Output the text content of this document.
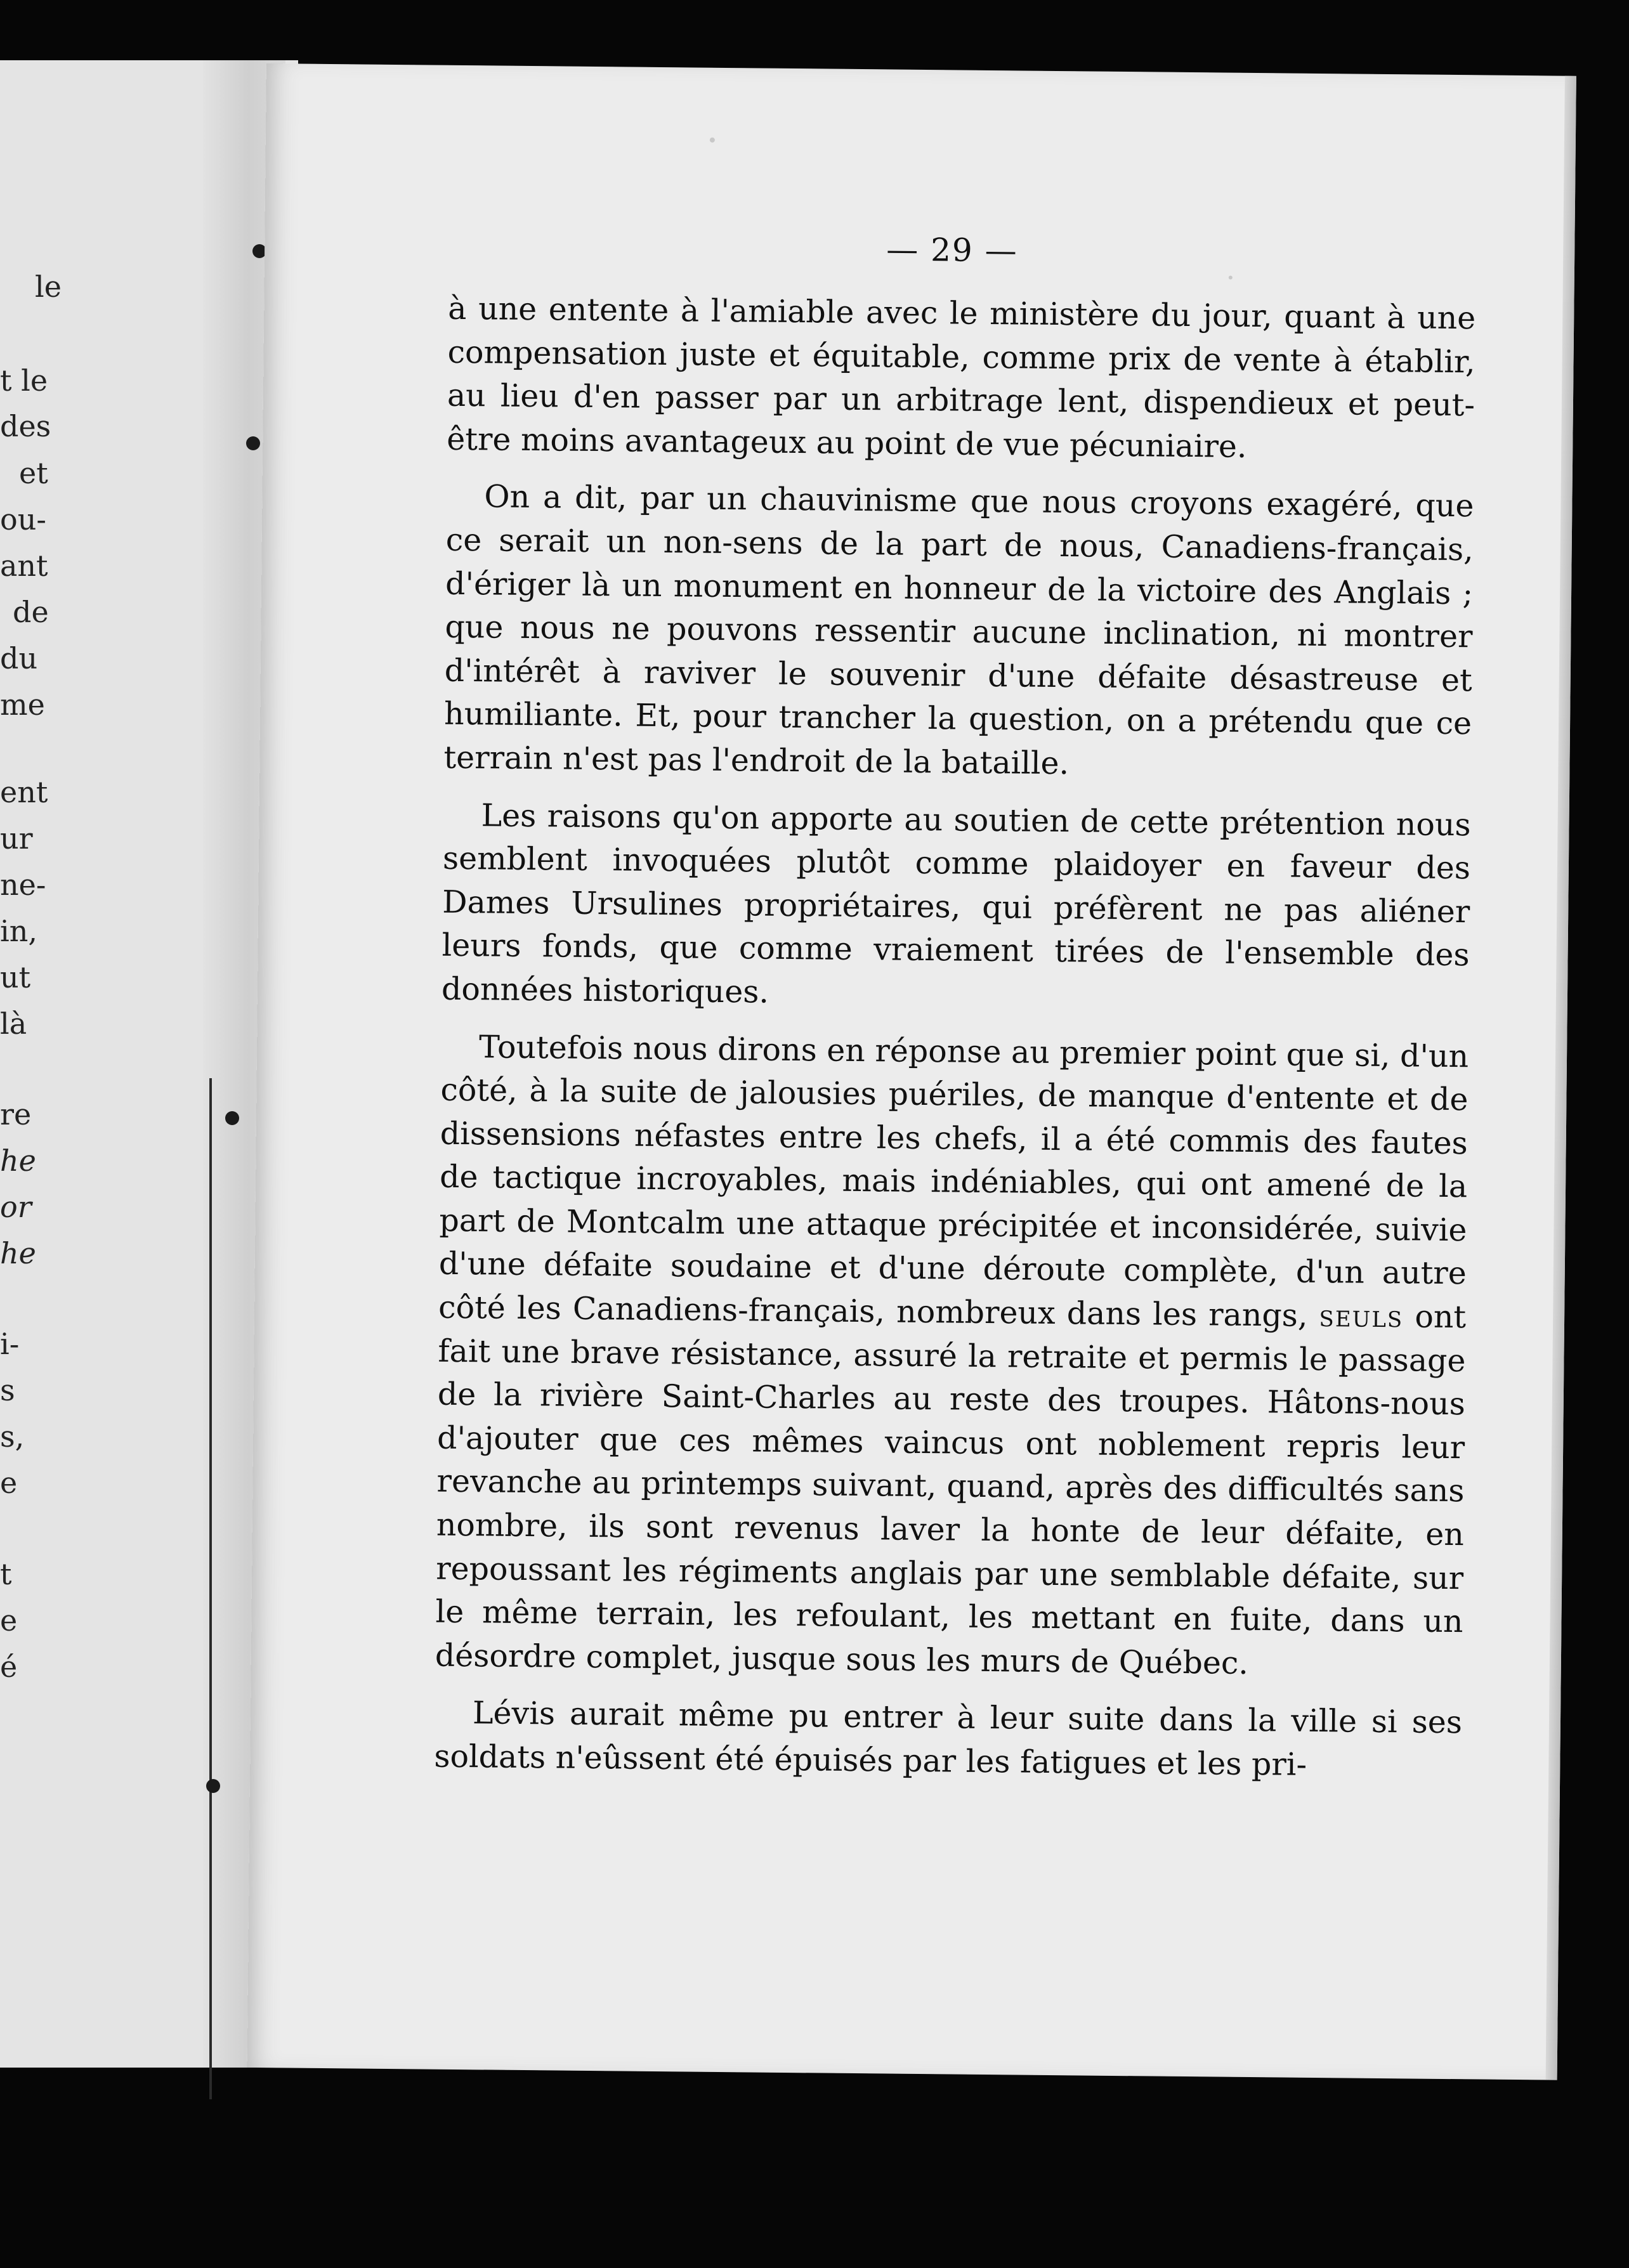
le
t le
des
et
ou-
ant
de
du
me
ent
ur
ne-
in,
ut
là
re
he
or
he
i-
s
s,
e
t
e
é
— 29 —

à une entente à l'amiable avec le ministère du jour, quant à une compensation juste et équitable, comme prix de vente à établir, au lieu d'en passer par un arbitrage lent, dispendieux et peut-être moins avantageux au point de vue pécuniaire.

On a dit, par un chauvinisme que nous croyons exagéré, que ce serait un non-sens de la part de nous, Canadiens-français, d'ériger là un monument en honneur de la victoire des Anglais ; que nous ne pouvons ressentir aucune inclination, ni montrer d'intérêt à raviver le souvenir d'une défaite désastreuse et humiliante. Et, pour trancher la question, on a prétendu que ce terrain n'est pas l'endroit de la bataille.

Les raisons qu'on apporte au soutien de cette prétention nous semblent invoquées plutôt comme plaidoyer en faveur des Dames Ursulines propriétaires, qui préfèrent ne pas aliéner leurs fonds, que comme vraiement tirées de l'ensemble des données historiques.

Toutefois nous dirons en réponse au premier point que si, d'un côté, à la suite de jalousies puériles, de manque d'entente et de dissensions néfastes entre les chefs, il a été commis des fautes de tactique incroyables, mais indéniables, qui ont amené de la part de Montcalm une attaque précipitée et inconsidérée, suivie d'une défaite soudaine et d'une déroute complète, d'un autre côté les Canadiens-français, nombreux dans les rangs, seuls ont fait une brave résistance, assuré la retraite et permis le passage de la rivière Saint-Charles au reste des troupes. Hâtons-nous d'ajouter que ces mêmes vaincus ont noblement repris leur revanche au printemps suivant, quand, après des difficultés sans nombre, ils sont revenus laver la honte de leur défaite, en repoussant les régiments anglais par une semblable défaite, sur le même terrain, les refoulant, les mettant en fuite, dans un désordre complet, jusque sous les murs de Québec.

Lévis aurait même pu entrer à leur suite dans la ville si ses soldats n'eûssent été épuisés par les fatigues et les pri-
